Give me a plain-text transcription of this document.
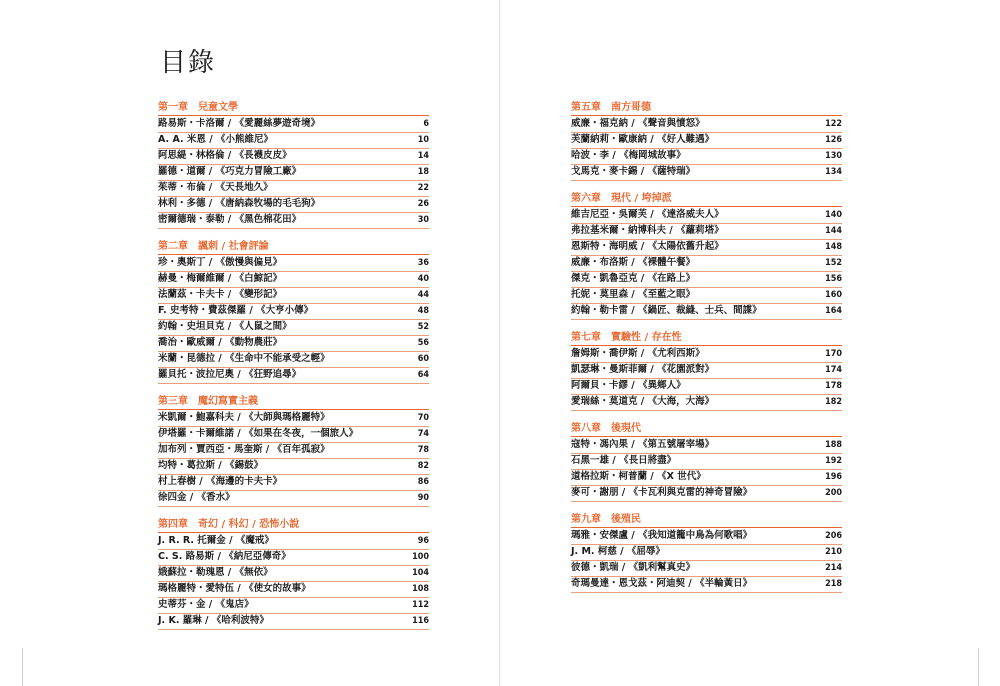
目錄
第一章 兒童文學
路易斯・卡洛爾 / 《愛麗絲夢遊奇境》	6
A. A. 米恩 / 《小熊維尼》	10
阿思緹・林格倫 / 《長襪皮皮》	14
羅德・道爾 / 《巧克力冒險工廠》	18
茱蒂・布倫 / 《天長地久》	22
林利・多德 / 《唐納森牧場的毛毛狗》	26
密爾德瑞・泰勒 / 《黑色棉花田》	30
第二章 諷刺 / 社會評論
珍・奧斯丁 / 《傲慢與偏見》	36
赫曼・梅爾維爾 / 《白鯨記》	40
法蘭茲・卡夫卡 / 《變形記》	44
F. 史考特・費茲傑羅 / 《大亨小傳》	48
約翰・史坦貝克 / 《人鼠之間》	52
喬治・歐威爾 / 《動物農莊》	56
米蘭・昆德拉 / 《生命中不能承受之輕》	60
羅貝托・波拉尼奧 / 《狂野追尋》	64
第三章 魔幻寫實主義
米凱爾・鮑嘉科夫 / 《大師與瑪格麗特》	70
伊塔羅・卡爾維諾 / 《如果在冬夜，一個旅人》	74
加布列・賈西亞・馬奎斯 / 《百年孤寂》	78
均特・葛拉斯 / 《錫鼓》	82
村上春樹 / 《海邊的卡夫卡》	86
徐四金 / 《香水》	90
第四章 奇幻 / 科幻 / 恐怖小說
J. R. R. 托爾金 / 《魔戒》	96
C. S. 路易斯 / 《納尼亞傳奇》	100
娥蘇拉・勒瑰恩 / 《無依》	104
瑪格麗特・愛特伍 / 《使女的故事》	108
史蒂芬・金 / 《鬼店》	112
J. K. 羅琳 / 《哈利波特》	116
第五章 南方哥德
威廉・福克納 / 《聲音與憤怒》	122
芙蘭納莉・歐康納 / 《好人難遇》	126
哈波・李 / 《梅岡城故事》	130
戈馬克・麥卡錫 / 《薩特瑞》	134
第六章 現代 / 垮掉派
維吉尼亞・吳爾芙 / 《達洛威夫人》	140
弗拉基米爾・納博科夫 / 《蘿莉塔》	144
恩斯特・海明威 / 《太陽依舊升起》	148
威廉・布洛斯 / 《裸體午餐》	152
傑克・凱魯亞克 / 《在路上》	156
托妮・莫里森 / 《至藍之眼》	160
約翰・勒卡雷 / 《鍋匠、裁縫、士兵、間諜》	164
第七章 實驗性 / 存在性
詹姆斯・喬伊斯 / 《尤利西斯》	170
凱瑟琳・曼斯菲爾 / 《花園派對》	174
阿爾貝・卡繆 / 《異鄉人》	178
愛瑞絲・莫道克 / 《大海，大海》	182
第八章 後現代
寇特・馮內果 / 《第五號屠宰場》	188
石黑一雄 / 《長日將盡》	192
道格拉斯・柯普蘭 / 《X 世代》	196
麥可・謝朋 / 《卡瓦利與克雷的神奇冒險》	200
第九章 後殖民
瑪雅・安傑盧 / 《我知道籠中鳥為何歌唱》	206
J. M. 柯慈 / 《屈辱》	210
彼德・凱瑞 / 《凱利幫真史》	214
奇瑪曼達・恩戈茲・阿迪契 / 《半輪黃日》	218
